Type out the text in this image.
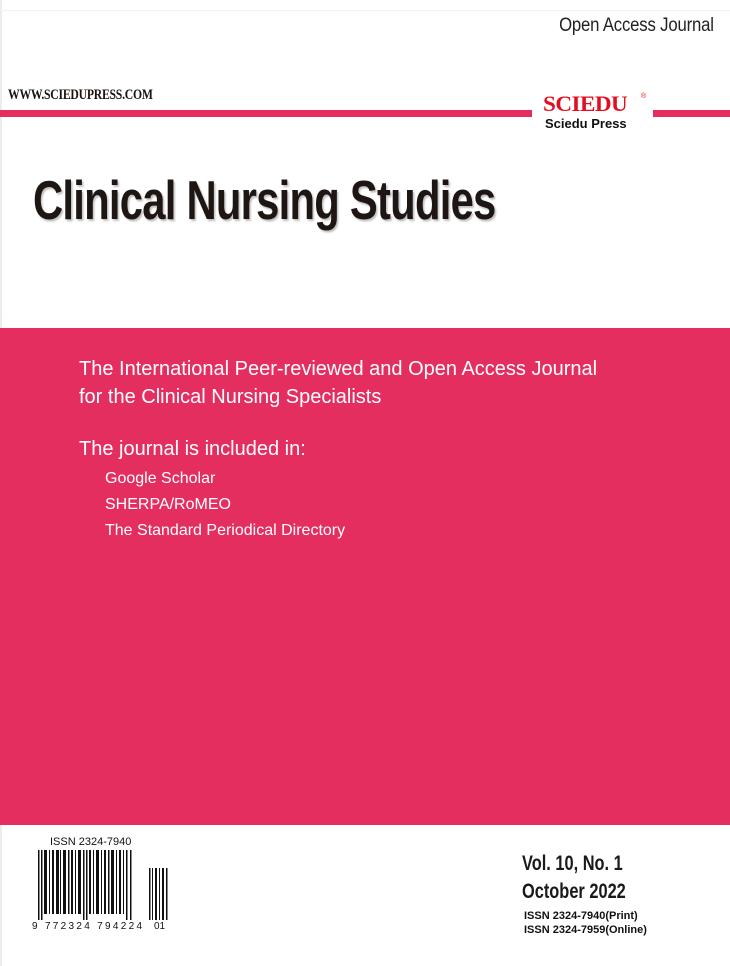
Open Access Journal
WWW.SCIEDUPRESS.COM	SCIEDU ®
Sciedu Press
Clinical Nursing Studies
The International Peer-reviewed and Open Access Journal
for the Clinical Nursing Specialists
The journal is included in:
Google Scholar
SHERPA/RoMEO
The Standard Periodical Directory
ISSN 2324-7940
9 772324 794224 01
Vol. 10, No. 1
October 2022
ISSN 2324-7940(Print)
ISSN 2324-7959(Online)
